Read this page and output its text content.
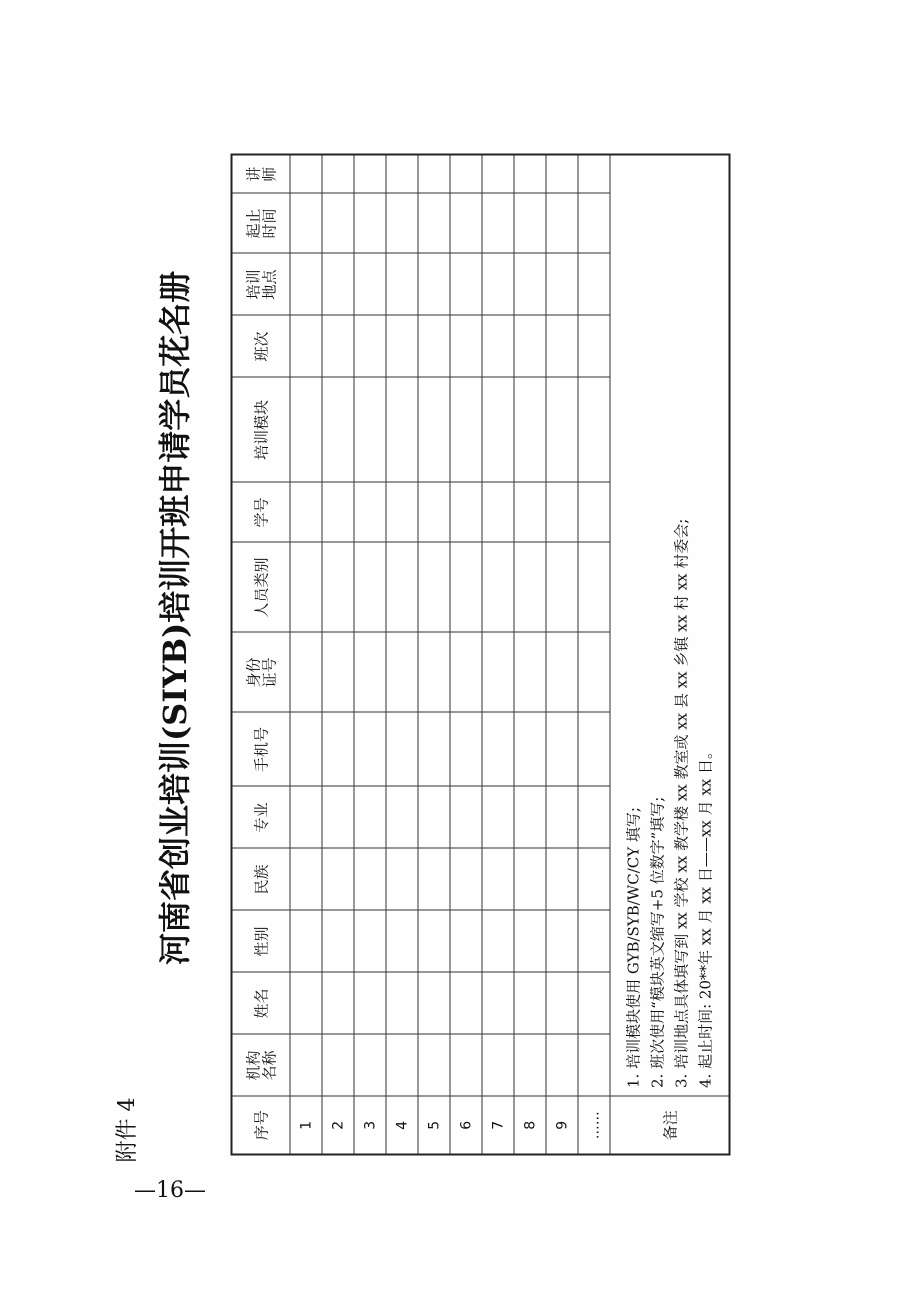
附件 4
河南省创业培训(SIYB)培训开班申请学员花名册
—16—
序号	机构名称	姓名	性别	民族	专业	手机号	身份证号	人员类别	学号	培训模块	班次	培训地点	起止时间	讲师
1														
2														
3														
4														
5														
6														
7														
8														
9														
……														
备注	1. 培训模块使用 GYB/SYB/WC/CY 填写; 2. 班次使用“模块英文缩写+5 位数字”填写; 3. 培训地点具体填写到 xx 学校 xx 教学楼 xx 教室或 xx 县 xx 乡镇 xx 村 xx 村委会; 4. 起止时间: 20**年 xx 月 xx 日——xx 月 xx 日。													
